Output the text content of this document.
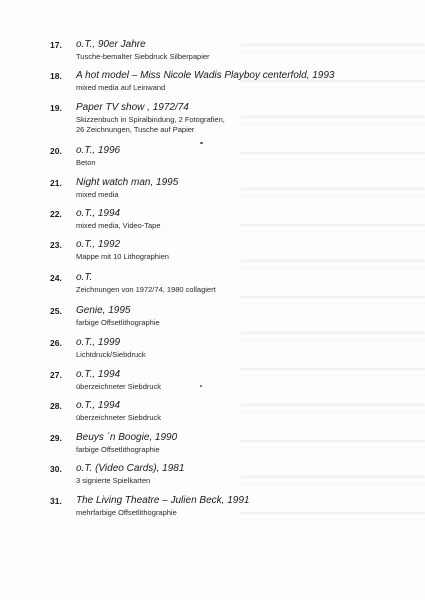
17. o.T., 90er Jahre
Tusche-bemalter Siebdruck Silberpapier
18. A hot model – Miss Nicole Wadis Playboy centerfold, 1993
mixed media auf Leinwand
19. Paper TV show , 1972/74
Skizzenbuch in Spiralbindung, 2 Fotografien,
26 Zeichnungen, Tusche auf Papier
20. o.T., 1996
Beton
21. Night watch man, 1995
mixed media
22. o.T., 1994
mixed media, Video-Tape
23. o.T., 1992
Mappe mit 10 Lithographien
24. o.T.
Zeichnungen von 1972/74, 1980 collagiert
25. Genie, 1995
farbige Offsetlithographie
26. o.T., 1999
Lichtdruck/Siebdruck
27. o.T., 1994
überzeichneter Siebdruck
28. o.T., 1994
überzeichneter Siebdruck
29. Beuys ´n Boogie, 1990
farbige Offsetlithographie
30. o.T. (Video Cards), 1981
3 signierte Spielkarten
31. The Living Theatre – Julien Beck, 1991
mehrfarbige Offsetlithographie
